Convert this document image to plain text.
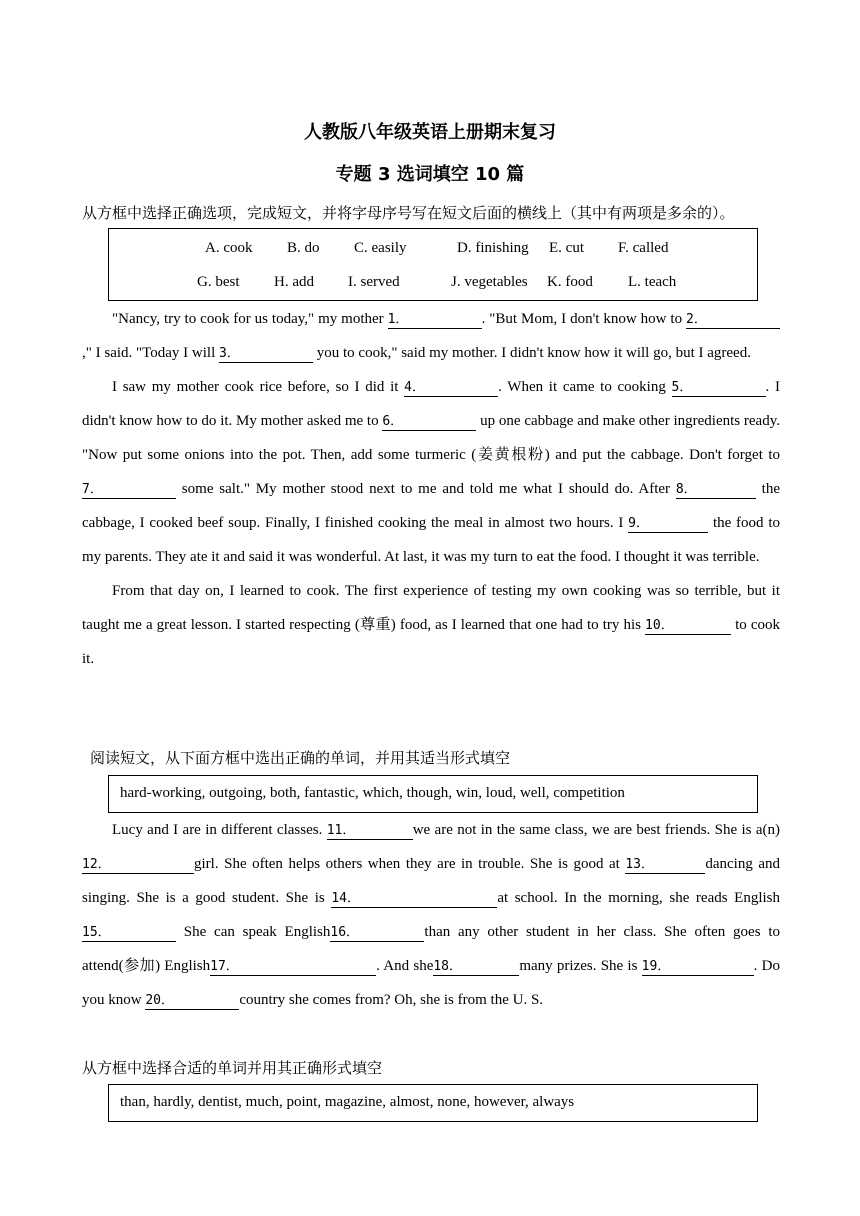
人教版八年级英语上册期末复习
专题 3 选词填空 10 篇
从方框中选择正确选项，完成短文，并将字母序号写在短文后面的横线上（其中有两项是多余的）。
A. cook B. do C. easily	D. finishing E. cut F. called
G. best H. add I. served	J. vegetables K. food L. teach

"Nancy, try to cook for us today," my mother 1．	. "But Mom, I don't know how to 2．," I said. "Today I will 3．	you to cook," said my mother. I didn't know how it will go, but I agreed.

I saw my mother cook rice before, so I did it 4．	. When it came to cooking 5．	. I didn't know how to do it. My mother asked me to 6．	up one cabbage and make other ingredients ready. "Now put some onions into the pot. Then, add some turmeric (姜黄根粉) and put the cabbage. Don't forget to 7．	some salt." My mother stood next to me and told me what I should do. After 8．	the cabbage, I cooked beef soup. Finally, I finished cooking the meal in almost two hours. I 9．	the food to my parents. They ate it and said it was wonderful. At last, it was my turn to eat the food. I thought it was terrible.

From that day on, I learned to cook. The first experience of testing my own cooking was so terrible, but it taught me a great lesson. I started respecting (尊重) food, as I learned that one had to try his 10．	to cook it.

阅读短文，从下面方框中选出正确的单词，并用其适当形式填空
hard-working, outgoing, both, fantastic, which, though, win, loud, well, competition

Lucy and I are in different classes. 11．	we are not in the same class, we are best friends. She is a(n) 12．	girl. She often helps others when they are in trouble. She is good at 13．	dancing and singing. She is a good student. She is 14．	at school. In the morning, she reads English15．	She can speak English16．	than any other student in her class. She often goes to attend(参加) English17．	. And she18．	many prizes. She is 19．	. Do you know 20．	country she comes from? Oh, she is from the U. S.

从方框中选择合适的单词并用其正确形式填空
than, hardly, dentist, much, point, magazine, almost, none, however, always
